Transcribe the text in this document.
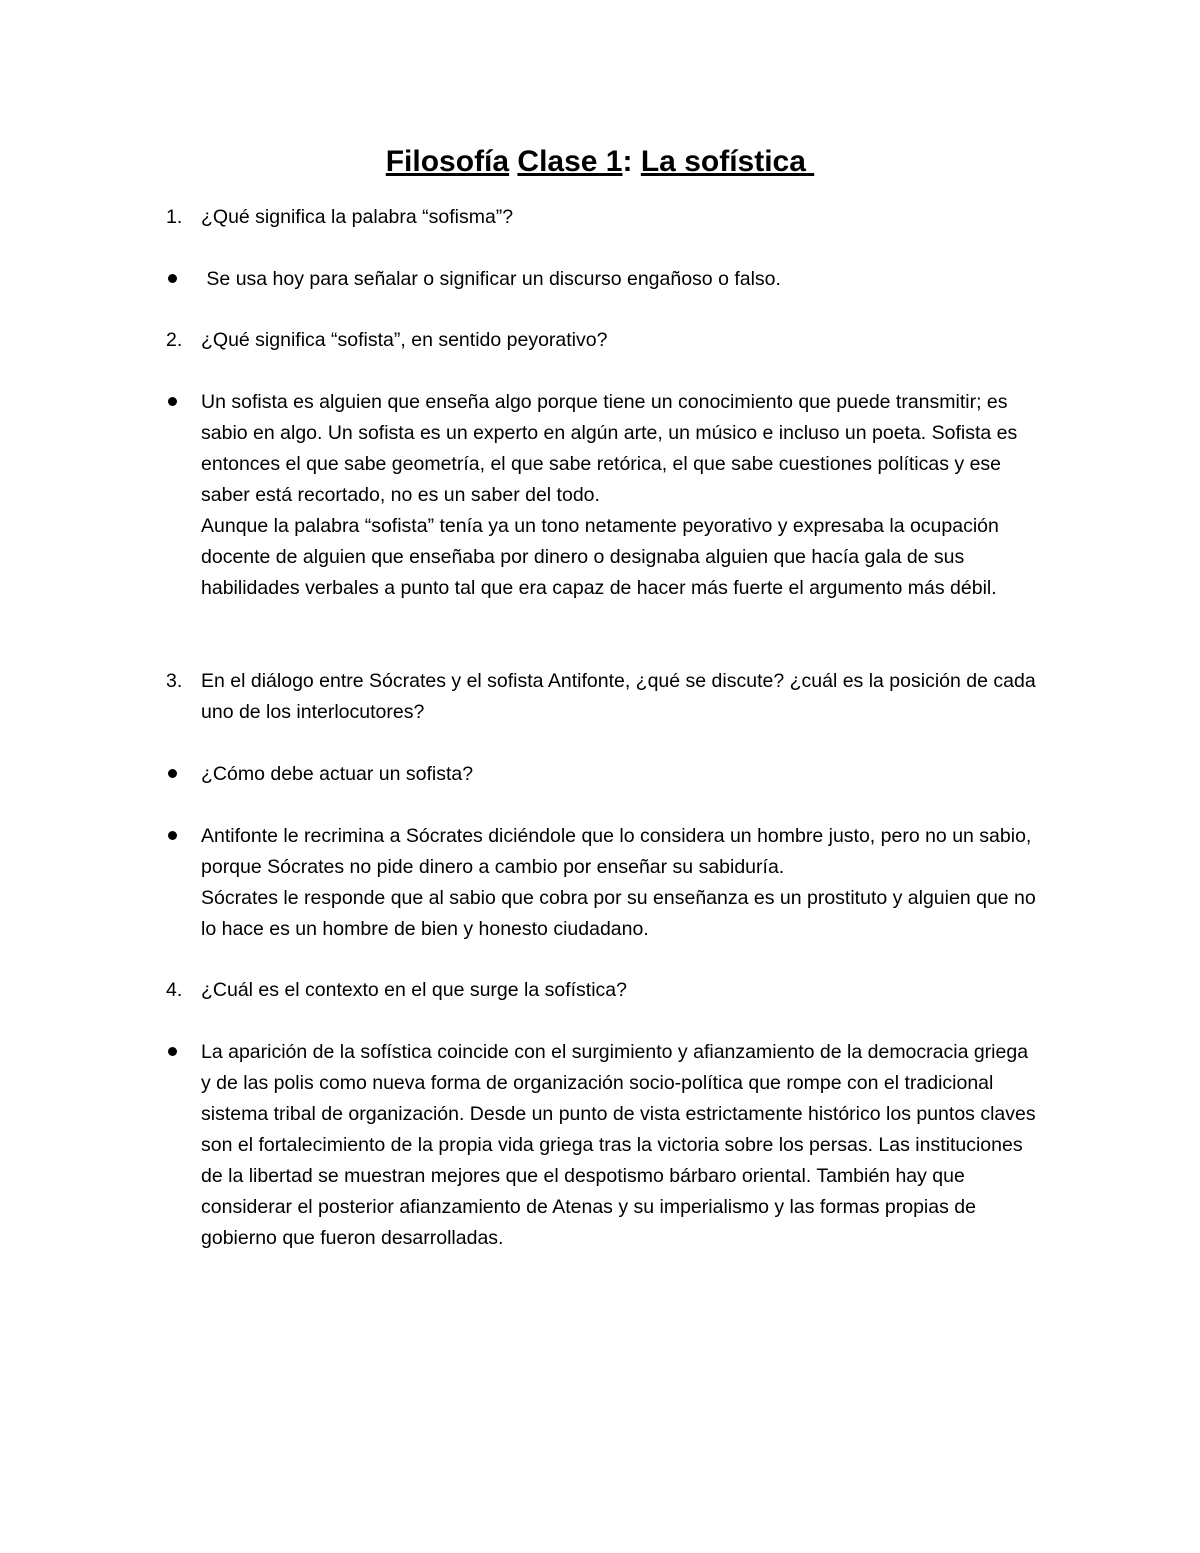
Filosofía Clase 1: La sofística
1. ¿Qué significa la palabra “sofisma”?
Se usa hoy para señalar o significar un discurso engañoso o falso.
2. ¿Qué significa “sofista”, en sentido peyorativo?
Un sofista es alguien que enseña algo porque tiene un conocimiento que puede transmitir; es sabio en algo. Un sofista es un experto en algún arte, un músico e incluso un poeta. Sofista es entonces el que sabe geometría, el que sabe retórica, el que sabe cuestiones políticas y ese saber está recortado, no es un saber del todo.
Aunque la palabra “sofista” tenía ya un tono netamente peyorativo y expresaba la ocupación docente de alguien que enseñaba por dinero o designaba alguien que hacía gala de sus habilidades verbales a punto tal que era capaz de hacer más fuerte el argumento más débil.
3. En el diálogo entre Sócrates y el sofista Antifonte, ¿qué se discute? ¿cuál es la posición de cada uno de los interlocutores?
¿Cómo debe actuar un sofista?
Antifonte le recrimina a Sócrates diciéndole que lo considera un hombre justo, pero no un sabio, porque Sócrates no pide dinero a cambio por enseñar su sabiduría.
Sócrates le responde que al sabio que cobra por su enseñanza es un prostituto y alguien que no lo hace es un hombre de bien y honesto ciudadano.
4. ¿Cuál es el contexto en el que surge la sofística?
La aparición de la sofística coincide con el surgimiento y afianzamiento de la democracia griega y de las polis como nueva forma de organización socio-política que rompe con el tradicional sistema tribal de organización. Desde un punto de vista estrictamente histórico los puntos claves son el fortalecimiento de la propia vida griega tras la victoria sobre los persas. Las instituciones de la libertad se muestran mejores que el despotismo bárbaro oriental. También hay que considerar el posterior afianzamiento de Atenas y su imperialismo y las formas propias de gobierno que fueron desarrolladas.
